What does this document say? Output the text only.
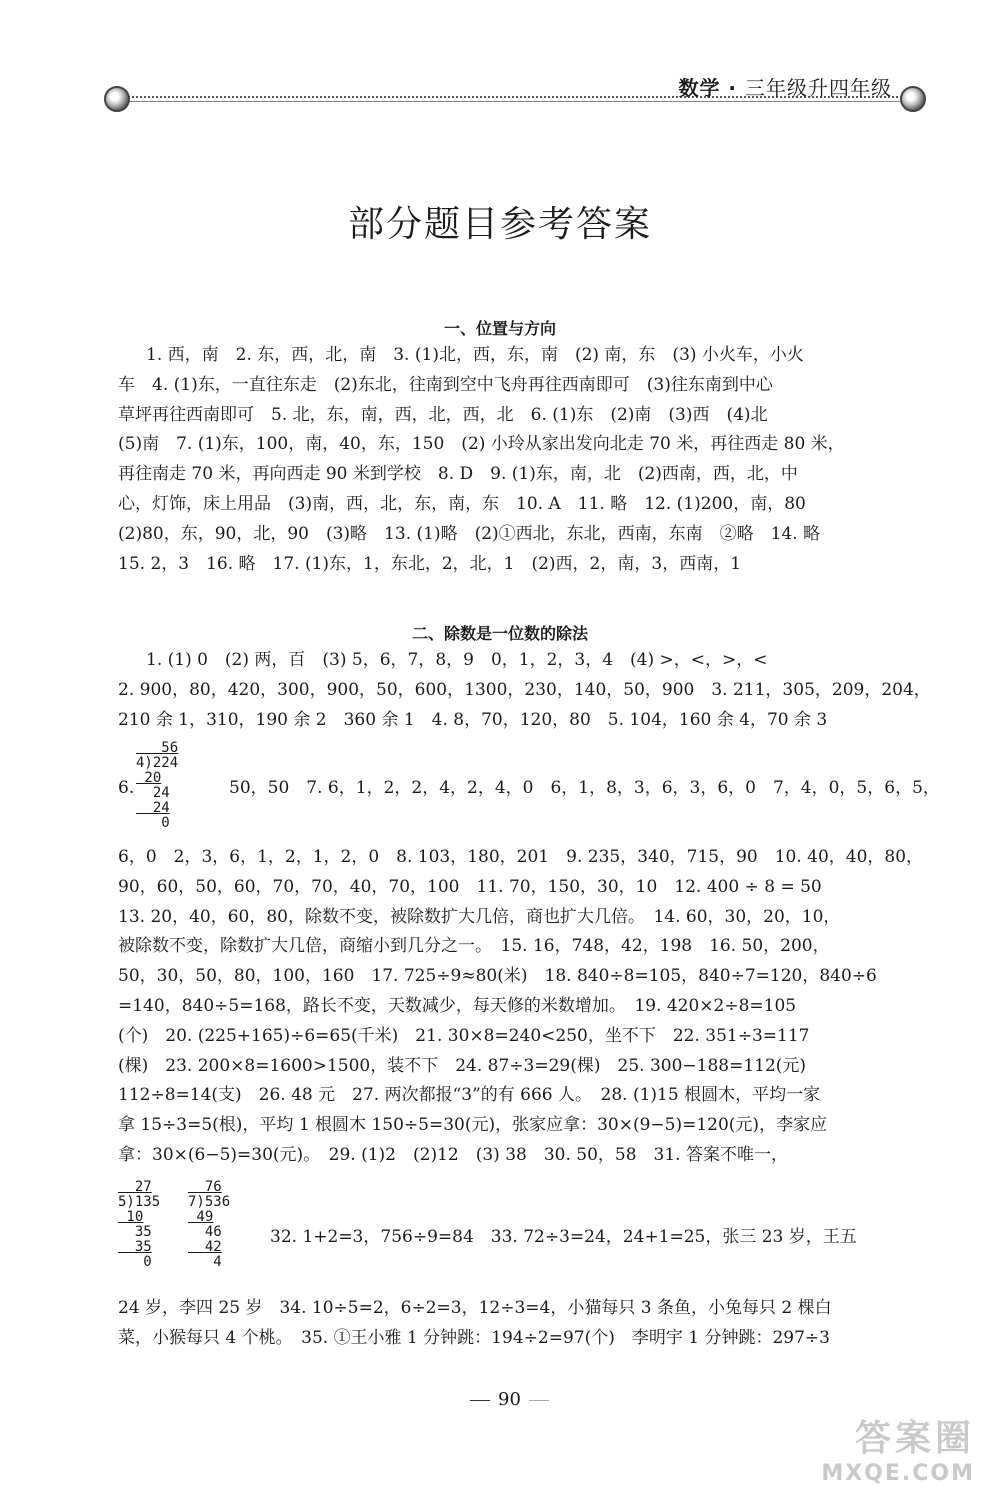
数学 · 三年级升四年级
部分题目参考答案
一、位置与方向

1. 西，南　2. 东，西，北，南　3. (1)北，西，东，南　(2) 南，东　(3) 小火车，小火

车　4. (1)东，一直往东走　(2)东北，往南到空中飞舟再往西南即可　(3)往东南到中心

草坪再往西南即可　5. 北，东，南，西，北，西，北　6. (1)东　(2)南　(3)西　(4)北

(5)南　7. (1)东，100，南，40，东，150　(2) 小玲从家出发向北走 70 米，再往西走 80 米，

再往南走 70 米，再向西走 90 米到学校　8. D　9. (1)东，南，北　(2)西南，西，北，中

心，灯饰，床上用品　(3)南，西，北，东，南，东　10. A　11. 略　12. (1)200，南，80

(2)80，东，90，北，90　(3)略　13. (1)略　(2)①西北，东北，西南，东南　②略　14. 略

15. 2，3　16. 略　17. (1)东，1，东北，2，北，1　(2)西，2，南，3，西南，1

二、除数是一位数的除法

1. (1) 0　(2) 两，百　(3) 5，6，7，8，9　0，1，2，3，4　(4) >，<，>，<

2. 900，80，420，300，900，50，600，1300，230，140，50，900　3. 211，305，209，204，

210 余 1，310，190 余 2　360 余 1　4. 8，70，120，80　5. 104，160 余 4，70 余 3

56
4)224
20
24
24
0
6.	50，50　7. 6，1，2，2，4，2，4，0　6，1，8，3，6，3，6，0　7，4，0，5，6，5，

6，0　2，3，6，1，2，1，2，0　8. 103，180，201　9. 235，340，715，90　10. 40，40，80，

90，60，50，60，70，70，40，70，100　11. 70，150，30，10　12. 400 ÷ 8 = 50

13. 20，40，60，80，除数不变，被除数扩大几倍，商也扩大几倍。　14. 60，30，20，10，

被除数不变，除数扩大几倍，商缩小到几分之一。　15. 16，748，42，198　16. 50，200，

50，30，50，80，100，160　17. 725÷9≈80(米)　18. 840÷8=105，840÷7=120，840÷6

=140，840÷5=168，路长不变，天数减少，每天修的米数增加。　19. 420×2÷8=105

(个)　20. (225+165)÷6=65(千米)　21. 30×8=240<250，坐不下　22. 351÷3=117

(棵)　23. 200×8=1600>1500，装不下　24. 87÷3=29(棵)　25. 300−188=112(元)

112÷8=14(支)　26. 48 元　27. 两次都报“3”的有 666 人。　28. (1)15 根圆木，平均一家

拿 15÷3=5(根)，平均 1 根圆木 150÷5=30(元)，张家应拿：30×(9−5)=120(元)，李家应

拿：30×(6−5)=30(元)。　29. (1)2　(2)12　(3) 38　30. 50，58　31. 答案不唯一，

27
5)135
10
35
35
0
76
7)536
49
46
42
4
32. 1+2=3，756÷9=84　33. 72÷3=24，24+1=25，张三 23 岁，王五

24 岁，李四 25 岁　34. 10÷5=2，6÷2=3，12÷3=4，小猫每只 3 条鱼，小兔每只 2 棵白

菜，小猴每只 4 个桃。　35. ①王小雅 1 分钟跳：194÷2=97(个)　李明宇 1 分钟跳：297÷3

90
答案圈
MXQE.COM
